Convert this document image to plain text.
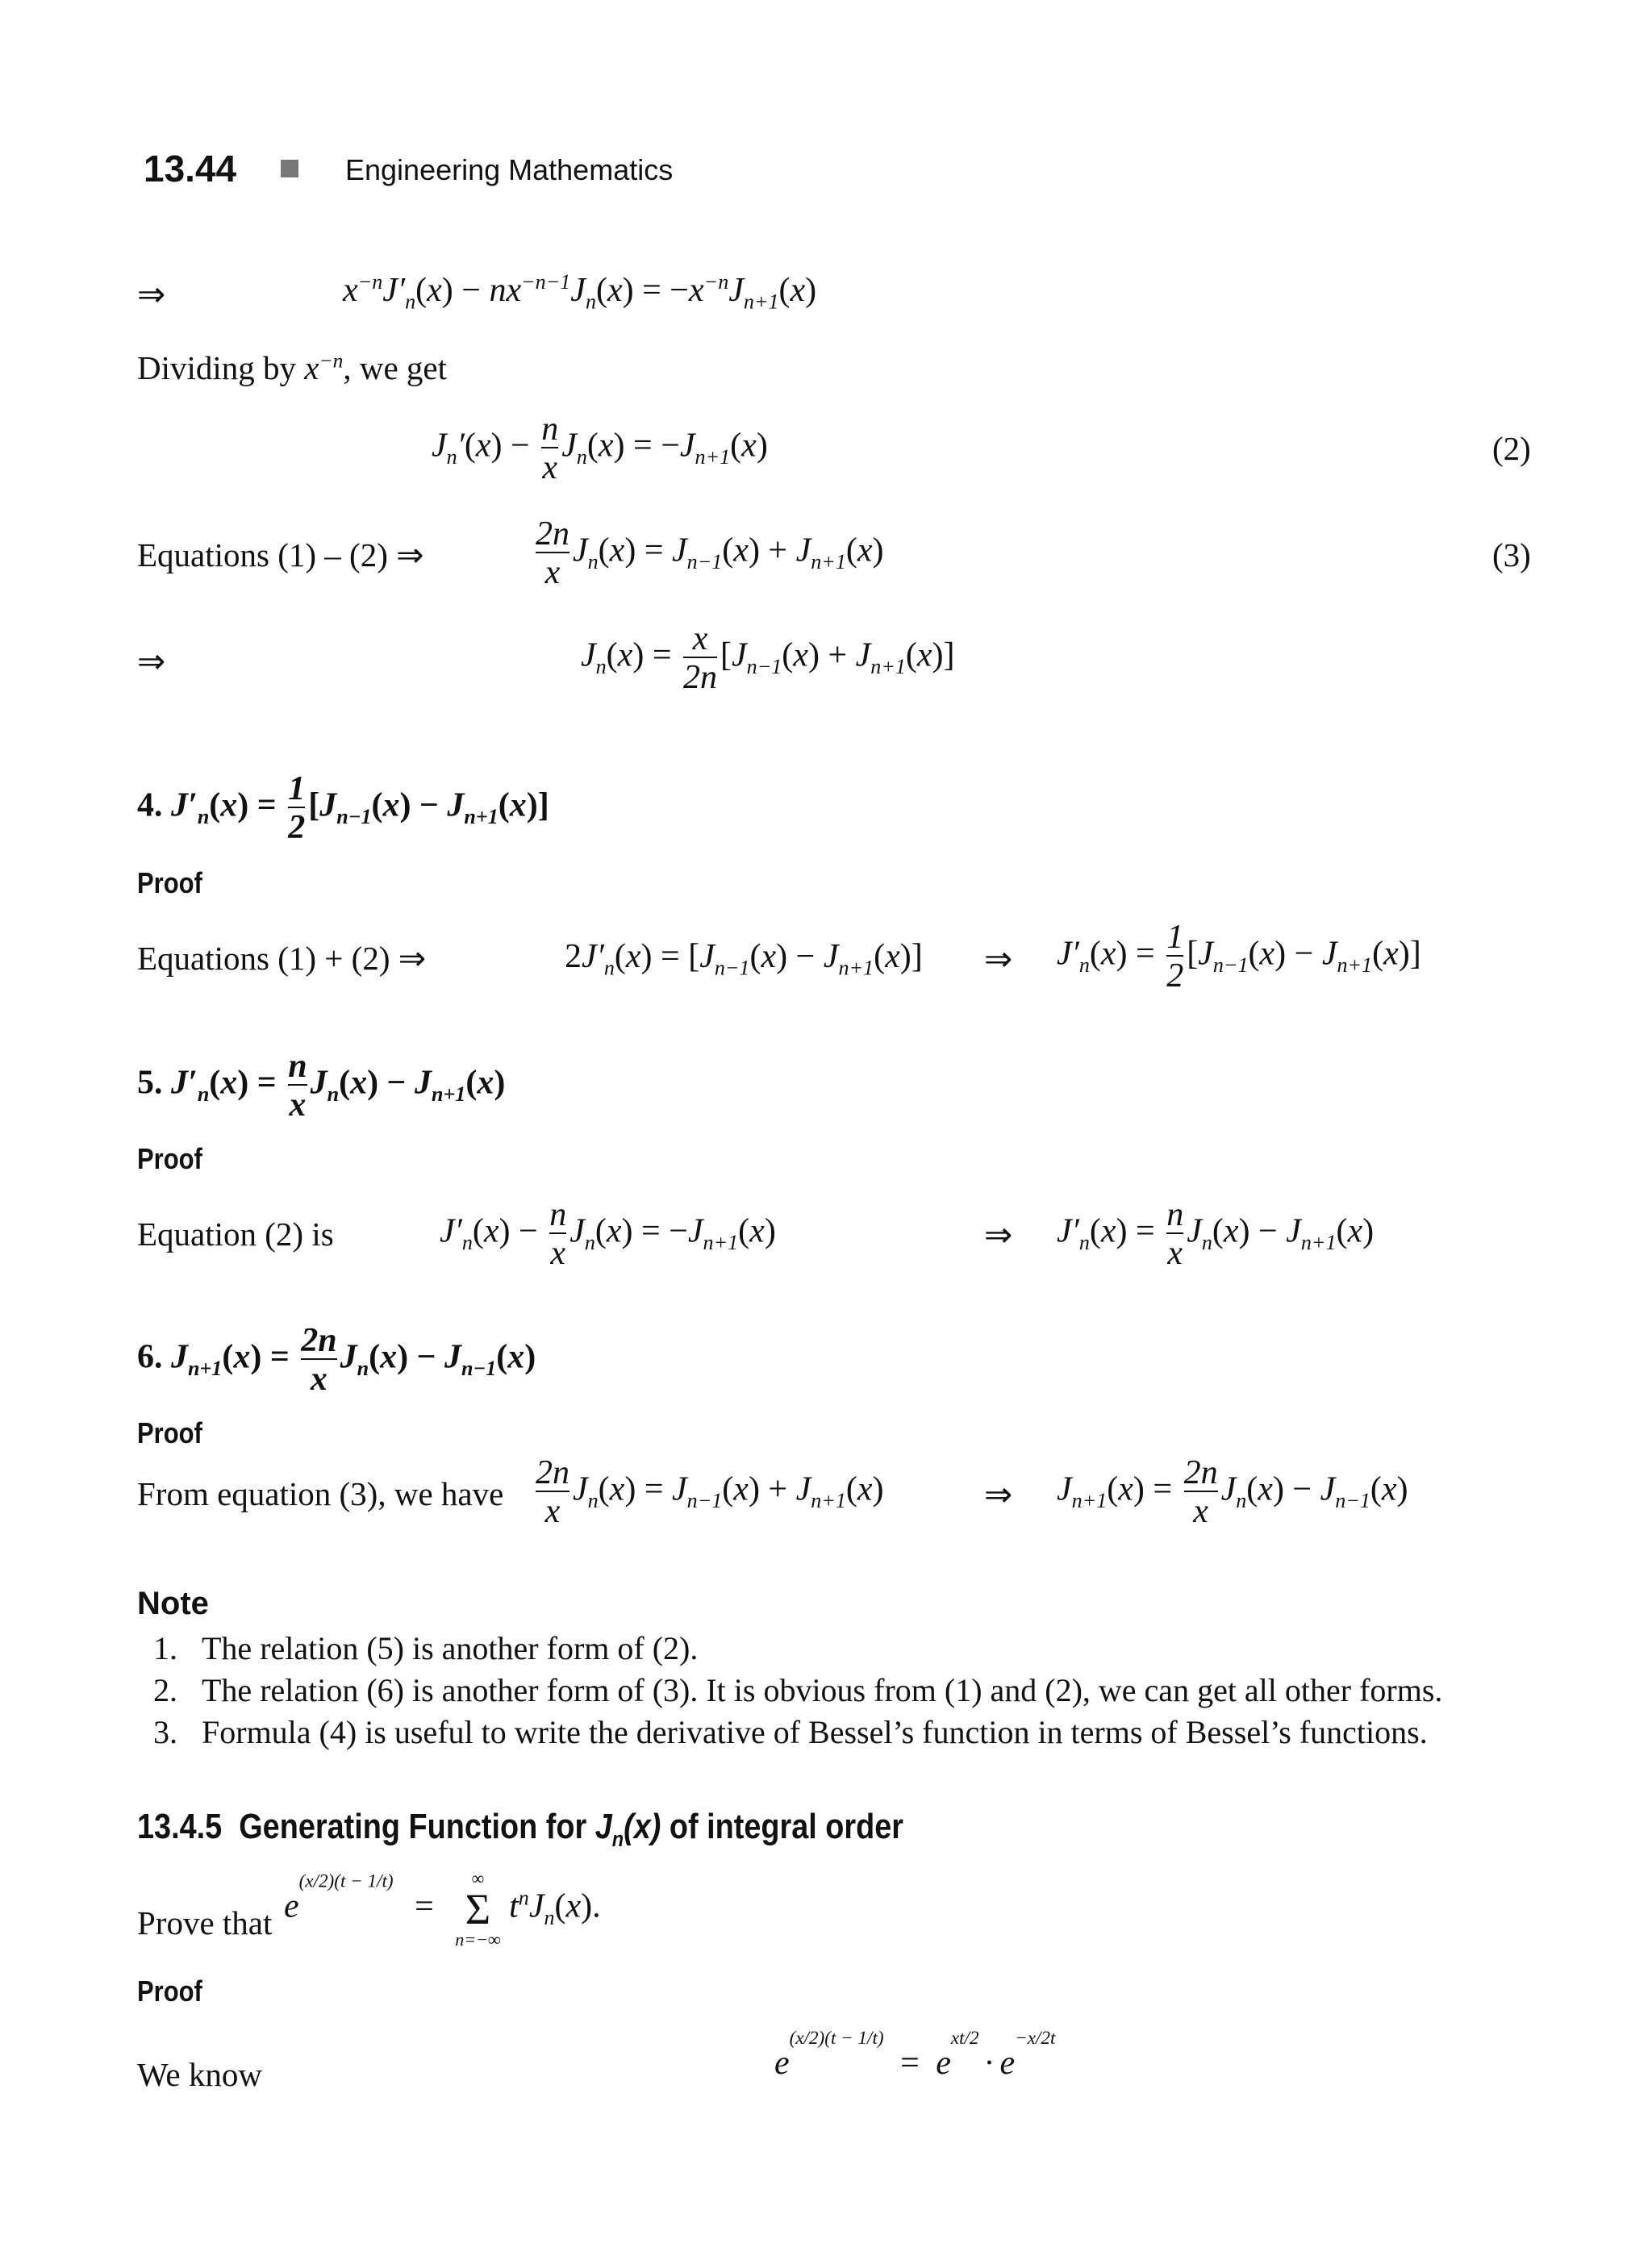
13.44	Engineering Mathematics
⇒	$x^{-n}J'_n(x) - nx^{-n-1}J_n(x) = -x^{-n}J_{n+1}(x)$
Dividing by $x^{-n}$, we get
$J_n'(x) - \frac{n}{x} J_n(x) = -J_{n+1}(x)$	(2)
Equations (1) – (2) ⇒	$\frac{2n}{x} J_n(x) = J_{n-1}(x) + J_{n+1}(x)$	(3)
⇒	$J_n(x) = \frac{x}{2n} [J_{n-1}(x) + J_{n+1}(x)]$
4. $J'_n(x) = \frac{1}{2} [J_{n-1}(x) - J_{n+1}(x)]$
Proof
Equations (1) + (2) ⇒	$2J'_n(x) = [J_{n-1}(x) - J_{n+1}(x)]$ ⇒ $J'_n(x) = \frac{1}{2} [J_{n-1}(x) - J_{n+1}(x)]$
5. $J'_n(x) = \frac{n}{x} J_n(x) - J_{n+1}(x)$
Proof
Equation (2) is	$J'_n(x) - \frac{n}{x} J_n(x) = -J_{n+1}(x)$	⇒ $J'_n(x) = \frac{n}{x} J_n(x) - J_{n+1}(x)$
6. $J_{n+1}(x) = \frac{2n}{x} J_n(x) - J_{n-1}(x)$
Proof
From equation (3), we have $\frac{2n}{x} J_n(x) = J_{n-1}(x) + J_{n+1}(x)$	⇒ $J_{n+1}(x) = \frac{2n}{x} J_n(x) - J_{n-1}(x)$
Note
1. The relation (5) is another form of (2).
2. The relation (6) is another form of (3). It is obvious from (1) and (2), we can get all other forms.
3. Formula (4) is useful to write the derivative of Bessel’s function in terms of Bessel’s functions.
13.4.5 Generating Function for $J_n(x)$ of integral order
Prove that $e^{(x/2)(t - 1/t)}$ =
∞
Σ
n=−∞
$t^nJ_n(x)$.
Proof
We know	$e^{(x/2)(t - 1/t)} = e^{xt/2}\cdot e^{-x/2t}$
